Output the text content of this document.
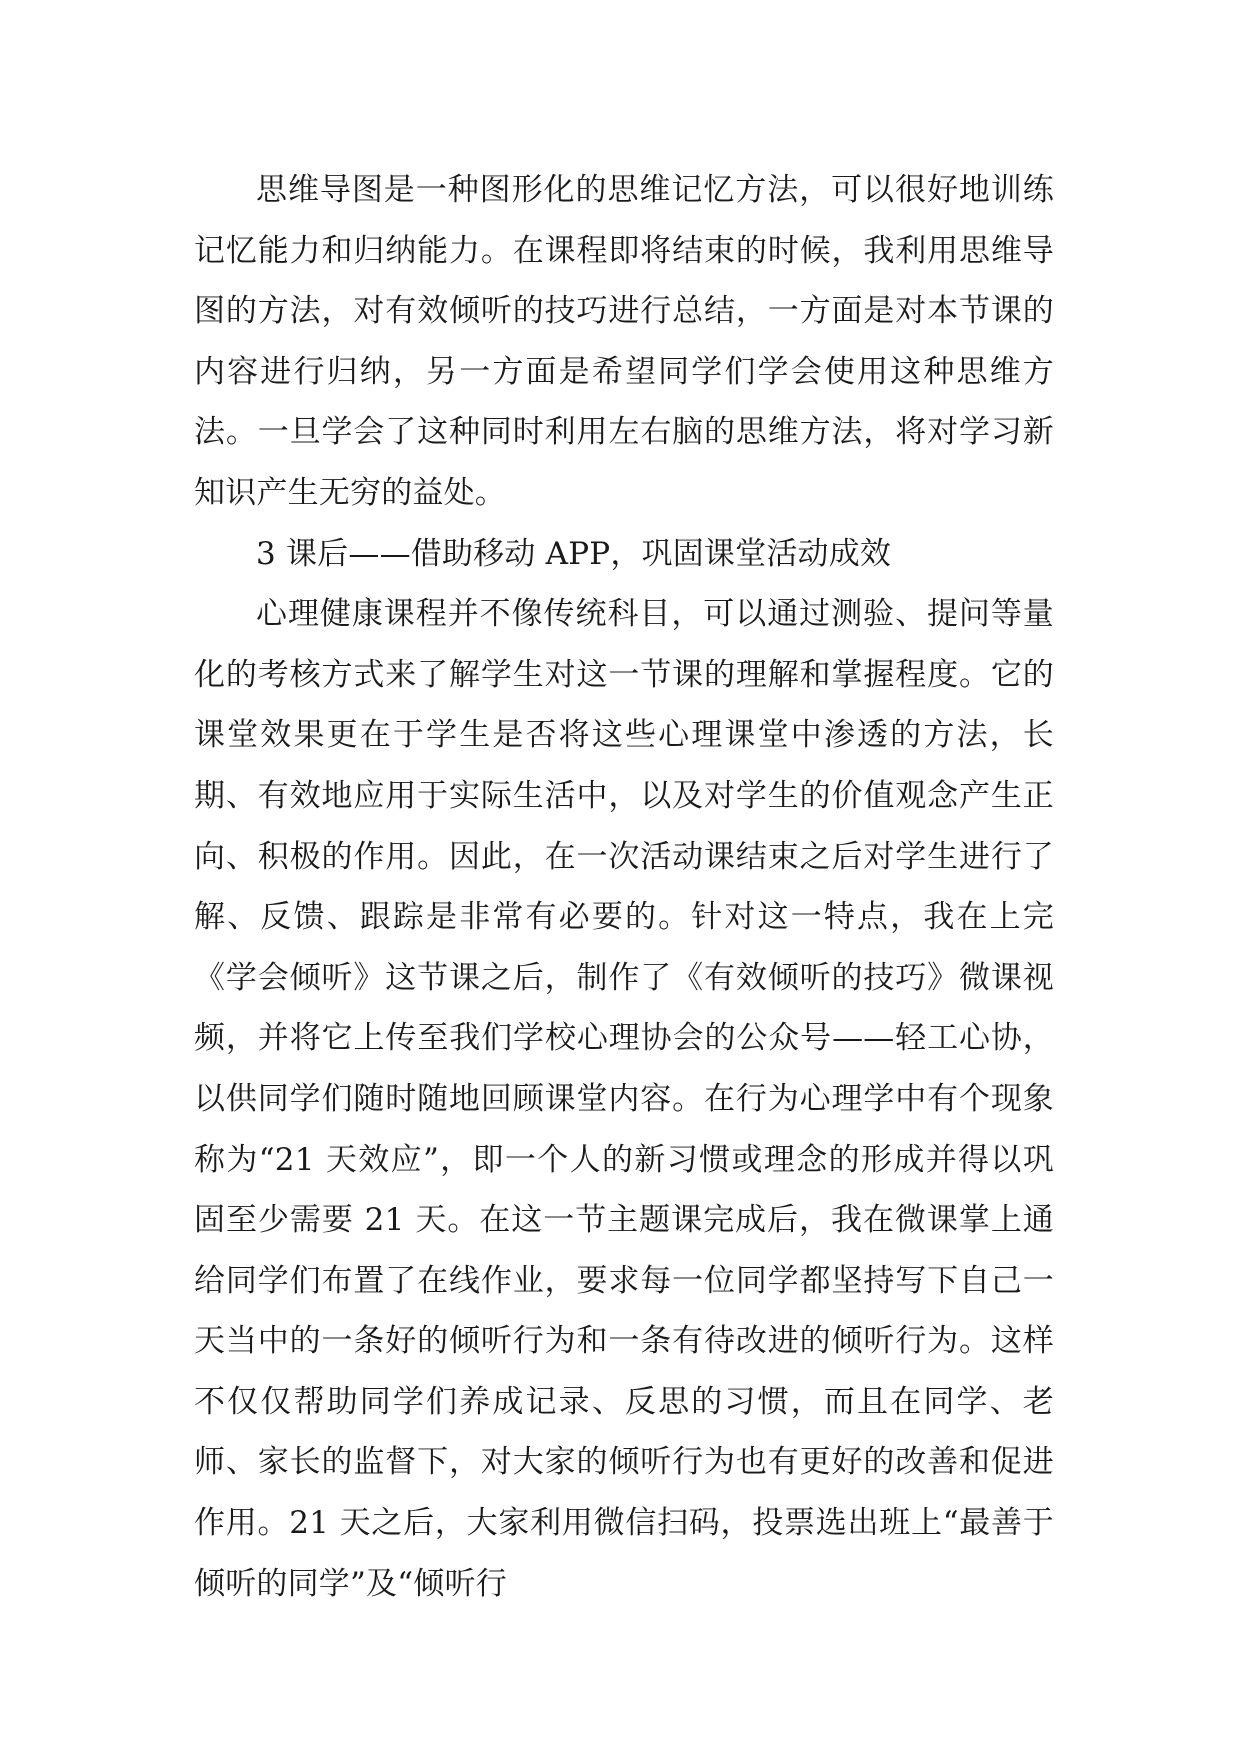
思维导图是一种图形化的思维记忆方法，可以很好地训练记忆能力和归纳能力。在课程即将结束的时候，我利用思维导图的方法，对有效倾听的技巧进行总结，一方面是对本节课的内容进行归纳，另一方面是希望同学们学会使用这种思维方法。一旦学会了这种同时利用左右脑的思维方法，将对学习新知识产生无穷的益处。

3 课后——借助移动 APP，巩固课堂活动成效

心理健康课程并不像传统科目，可以通过测验、提问等量化的考核方式来了解学生对这一节课的理解和掌握程度。它的课堂效果更在于学生是否将这些心理课堂中渗透的方法，长期、有效地应用于实际生活中，以及对学生的价值观念产生正向、积极的作用。因此，在一次活动课结束之后对学生进行了解、反馈、跟踪是非常有必要的。针对这一特点，我在上完《学会倾听》这节课之后，制作了《有效倾听的技巧》微课视频，并将它上传至我们学校心理协会的公众号——轻工心协，以供同学们随时随地回顾课堂内容。在行为心理学中有个现象称为“21 天效应”，即一个人的新习惯或理念的形成并得以巩固至少需要 21 天。在这一节主题课完成后，我在微课掌上通给同学们布置了在线作业，要求每一位同学都坚持写下自己一天当中的一条好的倾听行为和一条有待改进的倾听行为。这样不仅仅帮助同学们养成记录、反思的习惯，而且在同学、老师、家长的监督下，对大家的倾听行为也有更好的改善和促进作用。21 天之后，大家利用微信扫码，投票选出班上“最善于倾听的同学”及“倾听行
